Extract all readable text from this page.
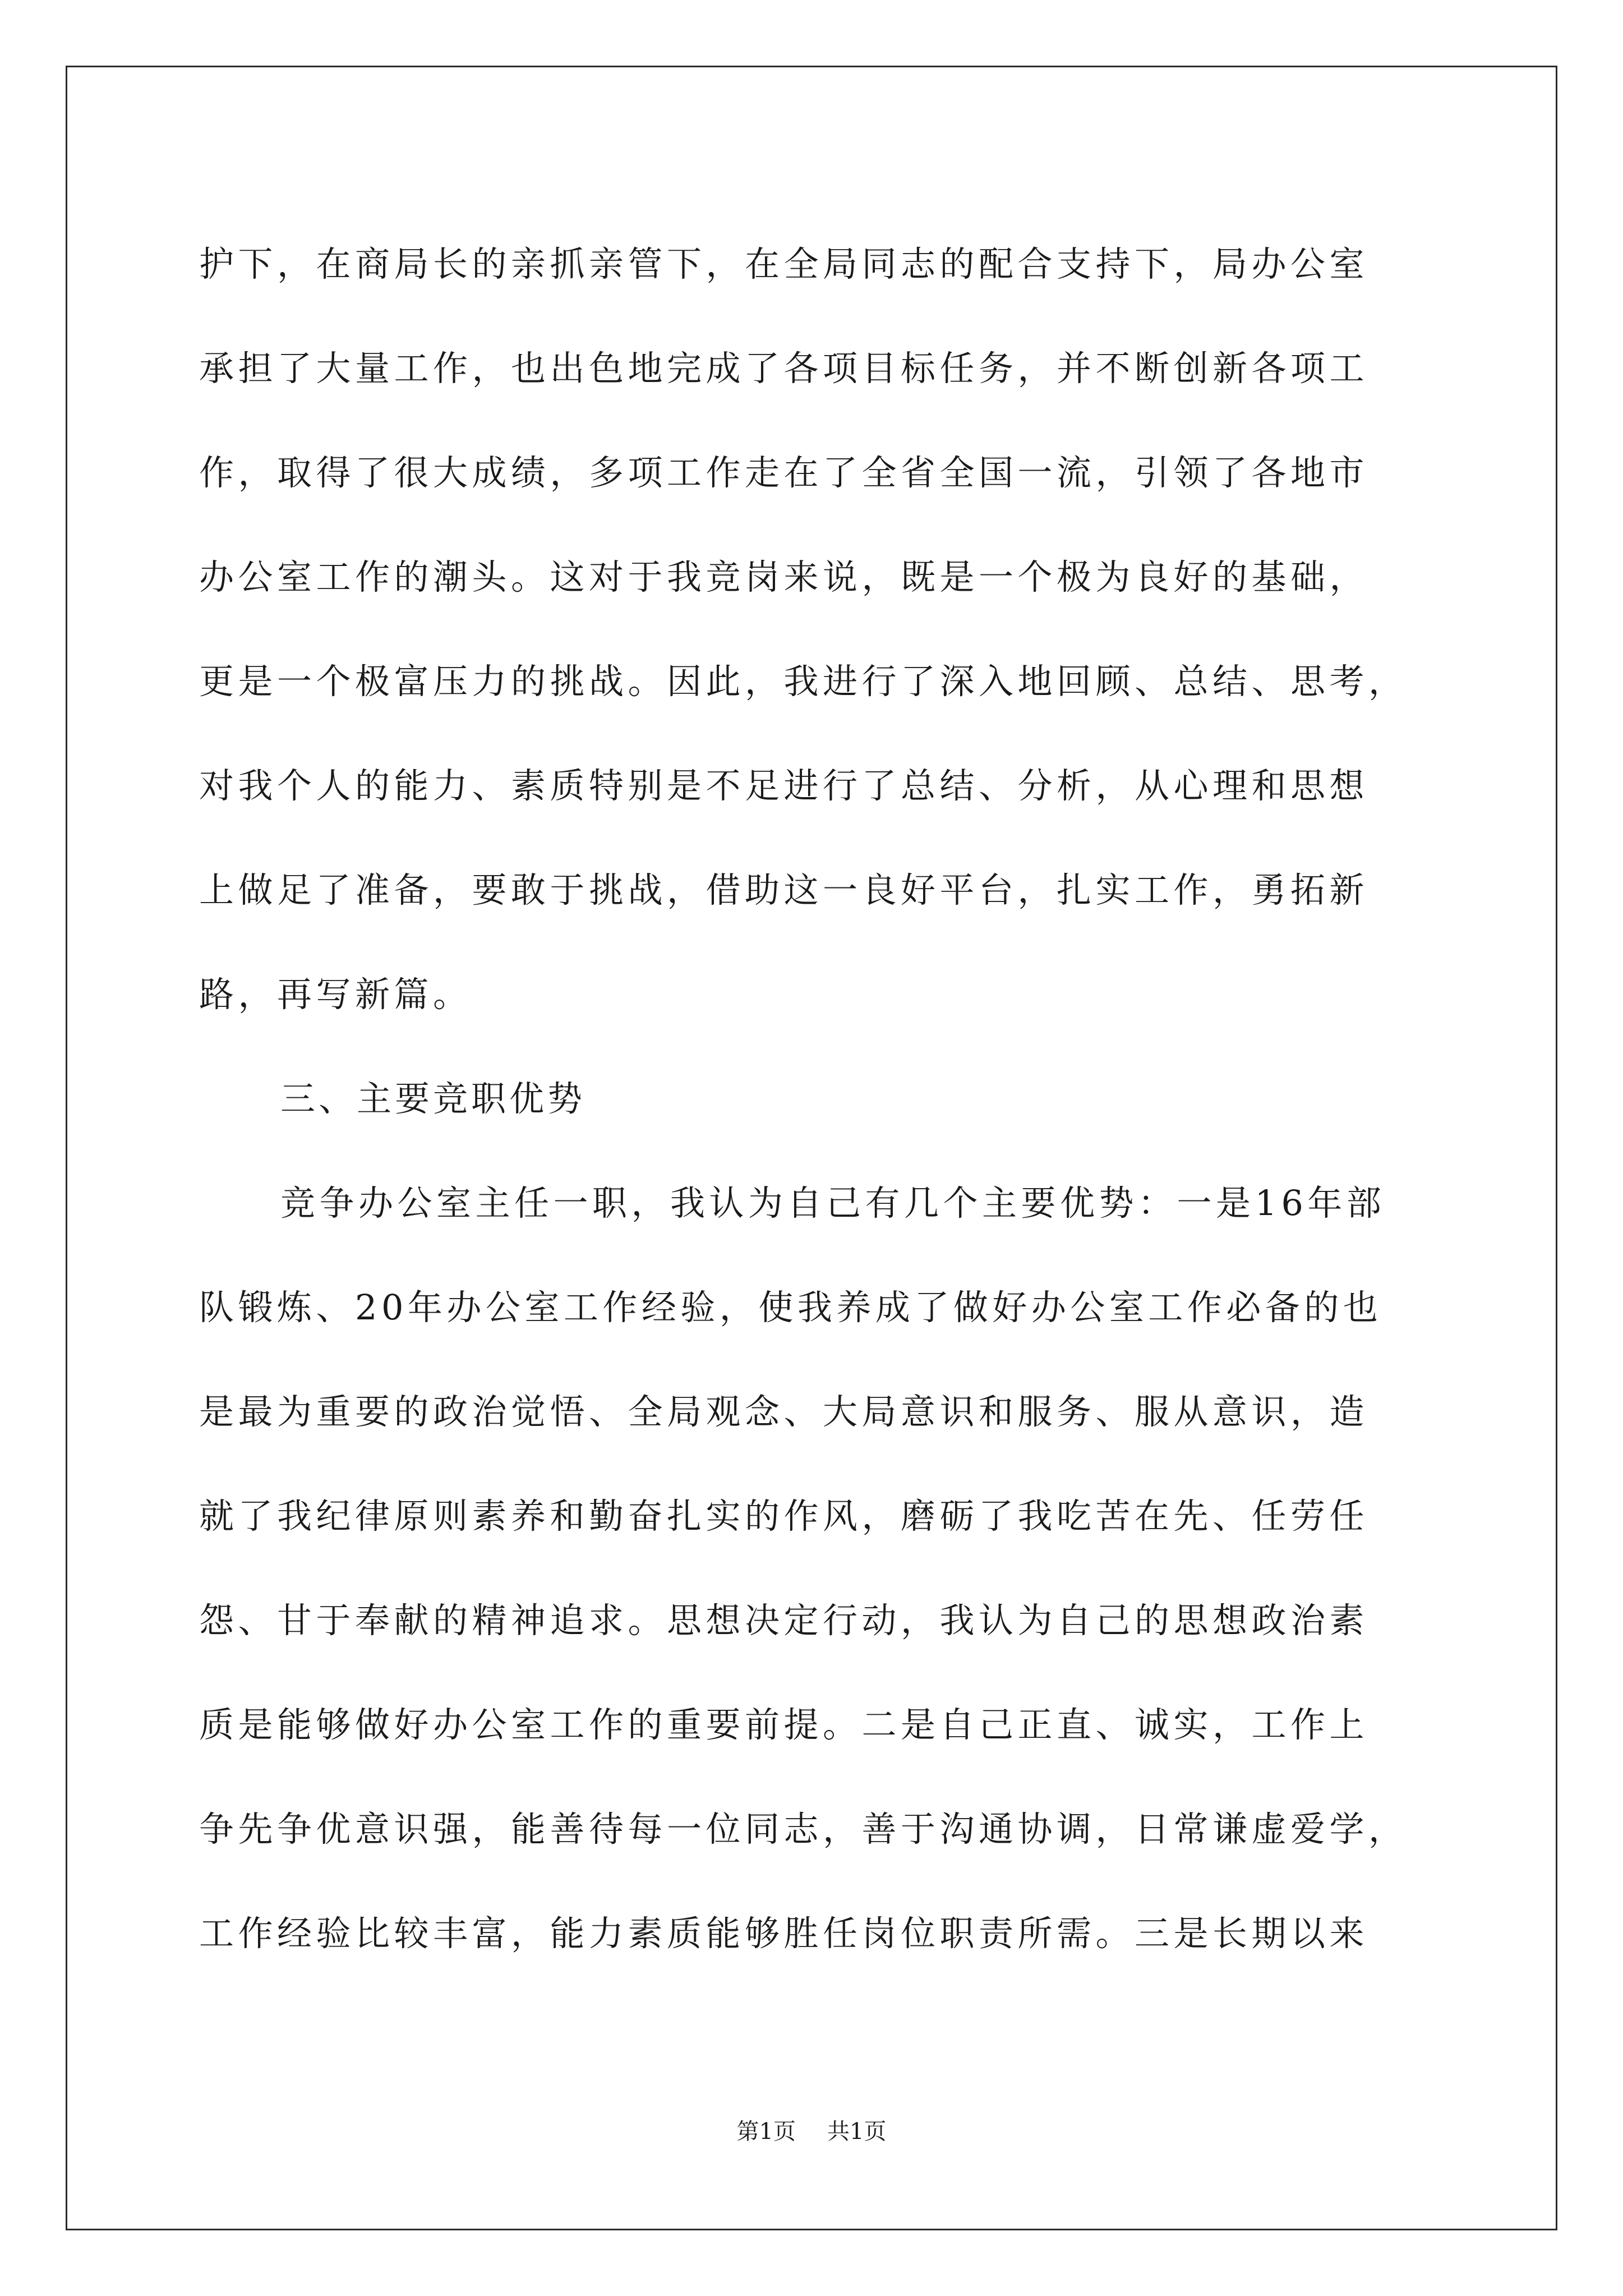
护下，在商局长的亲抓亲管下，在全局同志的配合支持下，局办公室
承担了大量工作，也出色地完成了各项目标任务，并不断创新各项工
作，取得了很大成绩，多项工作走在了全省全国一流，引领了各地市
办公室工作的潮头。这对于我竞岗来说，既是一个极为良好的基础，
更是一个极富压力的挑战。因此，我进行了深入地回顾、总结、思考，
对我个人的能力、素质特别是不足进行了总结、分析，从心理和思想
上做足了准备，要敢于挑战，借助这一良好平台，扎实工作，勇拓新
路，再写新篇。
三、主要竞职优势
竞争办公室主任一职，我认为自己有几个主要优势：一是16年部
队锻炼、20年办公室工作经验，使我养成了做好办公室工作必备的也
是最为重要的政治觉悟、全局观念、大局意识和服务、服从意识，造
就了我纪律原则素养和勤奋扎实的作风，磨砺了我吃苦在先、任劳任
怨、甘于奉献的精神追求。思想决定行动，我认为自己的思想政治素
质是能够做好办公室工作的重要前提。二是自己正直、诚实，工作上
争先争优意识强，能善待每一位同志，善于沟通协调，日常谦虚爱学，
工作经验比较丰富，能力素质能够胜任岗位职责所需。三是长期以来
第1页 共1页
